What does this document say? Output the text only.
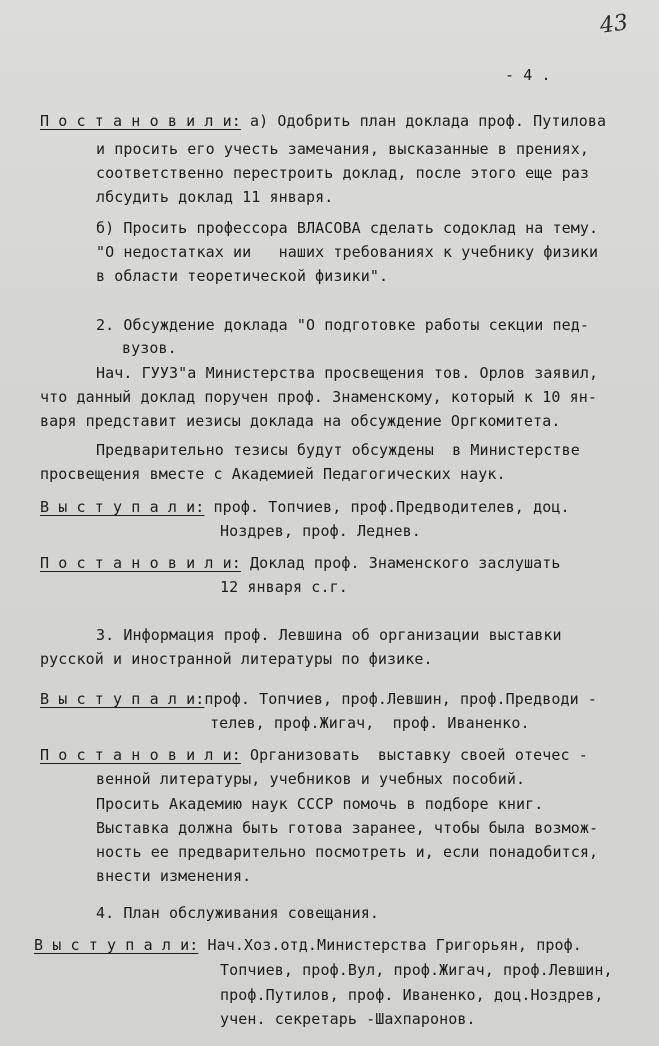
43
- 4 .
П о с т а н о в и л и: а) Одобрить план доклада проф. Путилова
и просить его учесть замечания, высказанные в прениях,
соответственно перестроить доклад, после этого еще раз
лбсудить доклад 11 января.
б) Просить профессора ВЛАСОВА сделать содоклад на тему.
"О недостатках ии   наших требованиях к учебнику физики
в области теоретической физики".
2. Обсуждение доклада "О подготовке работы секции пед-
вузов.
Нач. ГУУЗ"а Министерства просвещения тов. Орлов заявил,
что данный доклад поручен проф. Знаменскому, который к 10 ян-
варя представит иезисы доклада на обсуждение Оргкомитета.
Предварительно тезисы будут обсуждены  в Министерстве
просвещения вместе с Академией Педагогических наук.
В ы с т у п а л и: проф. Топчиев, проф.Предводителев, доц.
Ноздрев, проф. Леднев.
П о с т а н о в и л и: Доклад проф. Знаменского заслушать
12 января с.г.
3. Информация проф. Левшина об организации выставки
русской и иностранной литературы по физике.
В ы с т у п а л и:проф. Топчиев, проф.Левшин, проф.Предводи -
телев, проф.Жигач,  проф. Иваненко.
П о с т а н о в и л и: Организовать  выставку своей отечес -
венной литературы, учебников и учебных пособий.
Просить Академию наук СССР помочь в подборе книг.
Выставка должна быть готова заранее, чтобы была возмож-
ность ее предварительно посмотреть и, если понадобится,
внести изменения.
4. План обслуживания совещания.
В ы с т у п а л и: Нач.Хоз.отд.Министерства Григорьян, проф.
Топчиев, проф.Вул, проф.Жигач, проф.Левшин,
проф.Путилов, проф. Иваненко, доц.Ноздрев,
учен. секретарь -Шахпаронов.
